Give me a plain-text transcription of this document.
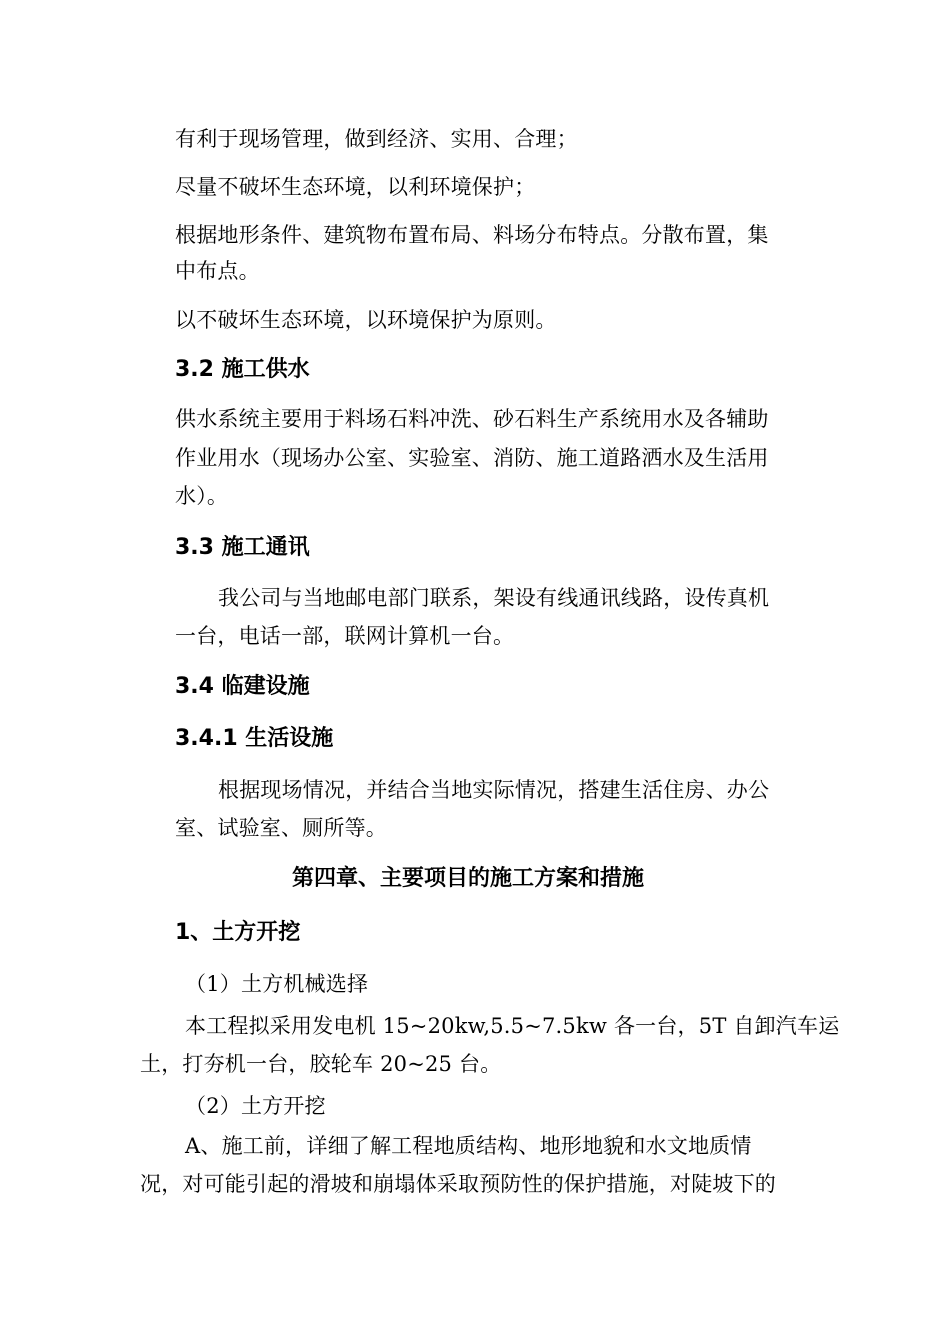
有利于现场管理，做到经济、实用、合理；
尽量不破坏生态环境，以利环境保护；
根据地形条件、建筑物布置布局、料场分布特点。分散布置，集
中布点。
以不破坏生态环境，以环境保护为原则。
3.2 施工供水
供水系统主要用于料场石料冲洗、砂石料生产系统用水及各辅助
作业用水（现场办公室、实验室、消防、施工道路洒水及生活用
水）。
3.3 施工通讯
我公司与当地邮电部门联系，架设有线通讯线路，设传真机
一台，电话一部，联网计算机一台。
3.4 临建设施
3.4.1 生活设施
根据现场情况，并结合当地实际情况，搭建生活住房、办公
室、试验室、厕所等。
第四章、主要项目的施工方案和措施
1、土方开挖
（1）土方机械选择
本工程拟采用发电机 15~20kw,5.5~7.5kw 各一台，5T 自卸汽车运
土，打夯机一台，胶轮车 20~25 台。
（2）土方开挖
A、施工前，详细了解工程地质结构、地形地貌和水文地质情
况，对可能引起的滑坡和崩塌体采取预防性的保护措施，对陡坡下的
